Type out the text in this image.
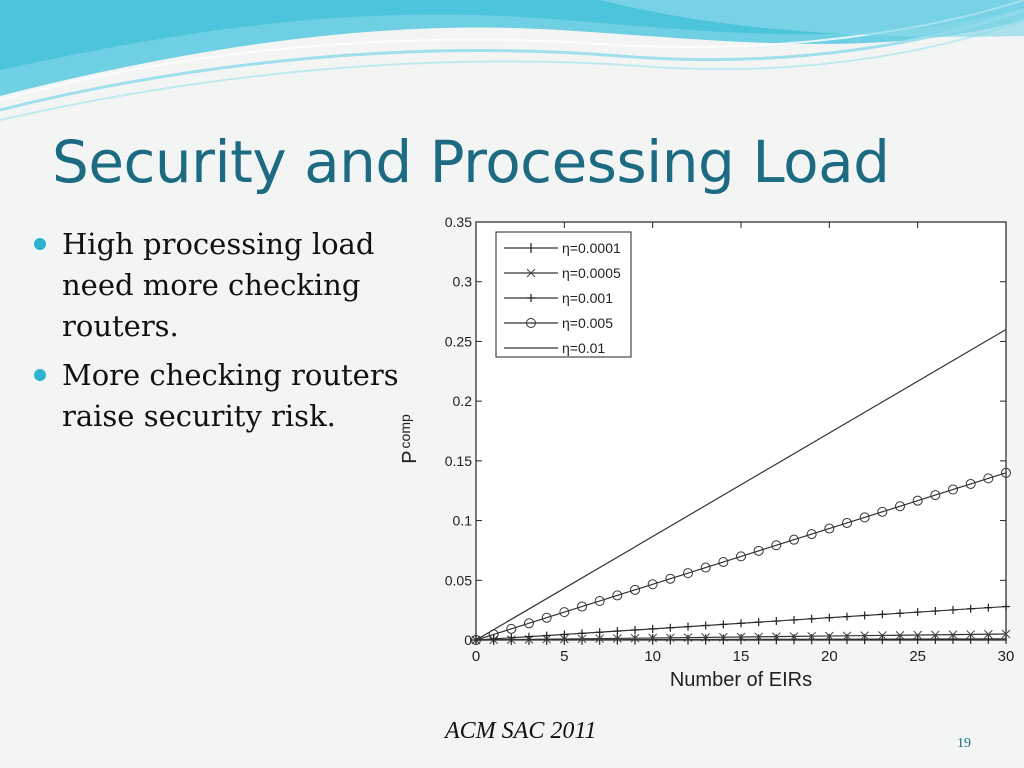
Security and Processing Load
High processing load need more checking routers.
More checking routers raise security risk.
0
0.05
0.1
0.15
0.2
0.25
0.3
0.35
0	5	10	15	20	25	30
Number of EIRs
$P^{comp}$
η=0.0001
η=0.0005
η=0.001
η=0.005
η=0.01
ACM SAC 2011	19
